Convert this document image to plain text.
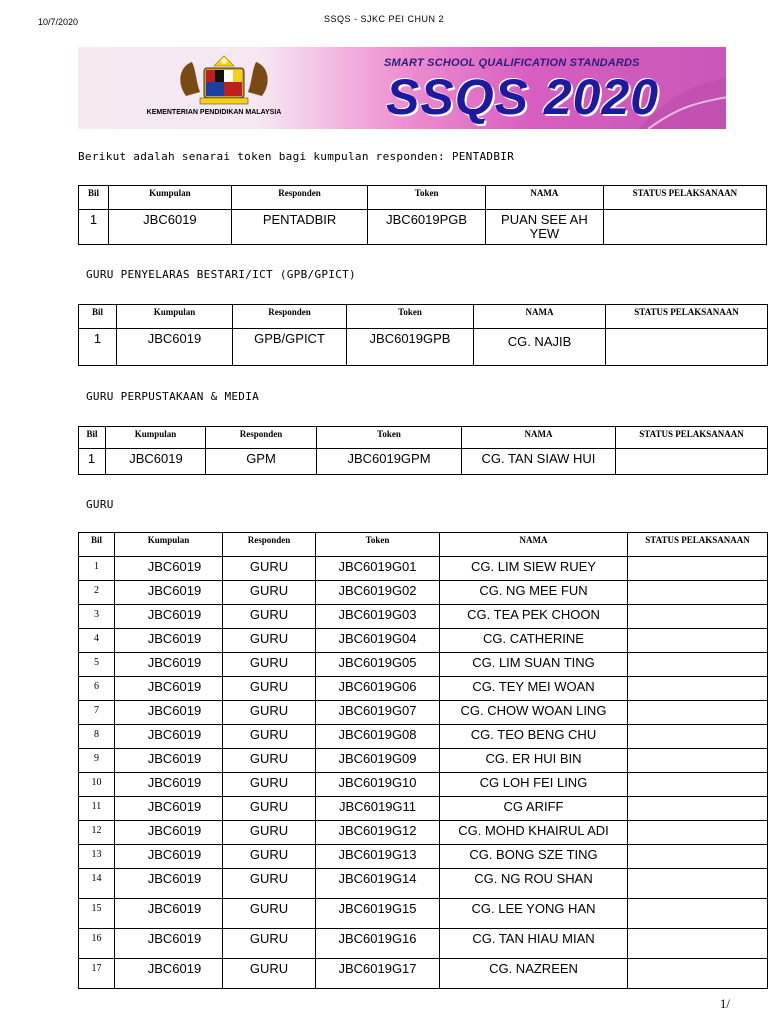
10/7/2020	SSQS - SJKC PEI CHUN 2
KEMENTERIAN PENDIDIKAN MALAYSIA
SMART SCHOOL QUALIFICATION STANDARDS
SSQS 2020
Berikut adalah senarai token bagi kumpulan responden: PENTADBIR
Bil	Kumpulan	Responden	Token	NAMA	STATUS PELAKSANAAN
1	JBC6019	PENTADBIR	JBC6019PGB	PUAN SEE AH YEW	
GURU PENYELARAS BESTARI/ICT (GPB/GPICT)
Bil	Kumpulan	Responden	Token	NAMA	STATUS PELAKSANAAN
1	JBC6019	GPB/GPICT	JBC6019GPB	CG. NAJIB	
GURU PERPUSTAKAAN & MEDIA
Bil	Kumpulan	Responden	Token	NAMA	STATUS PELAKSANAAN
1	JBC6019	GPM	JBC6019GPM	CG. TAN SIAW HUI	
GURU
Bil	Kumpulan	Responden	Token	NAMA	STATUS PELAKSANAAN
1	JBC6019	GURU	JBC6019G01	CG. LIM SIEW RUEY	
2	JBC6019	GURU	JBC6019G02	CG. NG MEE FUN	
3	JBC6019	GURU	JBC6019G03	CG. TEA PEK CHOON	
4	JBC6019	GURU	JBC6019G04	CG. CATHERINE	
5	JBC6019	GURU	JBC6019G05	CG. LIM SUAN TING	
6	JBC6019	GURU	JBC6019G06	CG. TEY MEI WOAN	
7	JBC6019	GURU	JBC6019G07	CG. CHOW WOAN LING	
8	JBC6019	GURU	JBC6019G08	CG. TEO BENG CHU	
9	JBC6019	GURU	JBC6019G09	CG. ER HUI BIN	
10	JBC6019	GURU	JBC6019G10	CG LOH FEI LING	
11	JBC6019	GURU	JBC6019G11	CG ARIFF	
12	JBC6019	GURU	JBC6019G12	CG. MOHD KHAIRUL ADI	
13	JBC6019	GURU	JBC6019G13	CG. BONG SZE TING	
14	JBC6019	GURU	JBC6019G14	CG. NG ROU SHAN	
15	JBC6019	GURU	JBC6019G15	CG. LEE YONG HAN	
16	JBC6019	GURU	JBC6019G16	CG. TAN HIAU MIAN	
17	JBC6019	GURU	JBC6019G17	CG. NAZREEN	
1/
